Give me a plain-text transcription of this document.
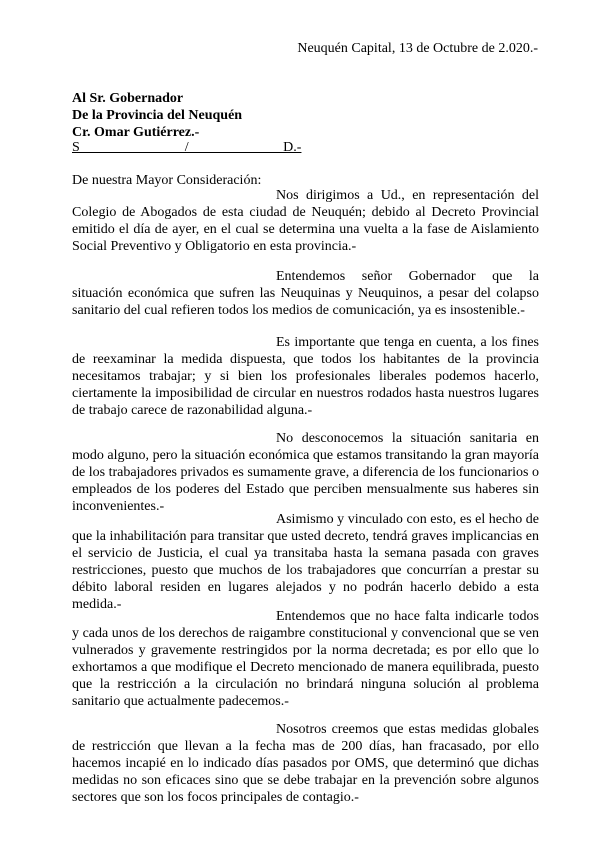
Neuquén Capital, 13 de Octubre de 2.020.-
Al Sr. Gobernador
De la Provincia del Neuquén
Cr. Omar Gutiérrez.-
S                              /                           D.-
De nuestra Mayor Consideración:

Nos dirigimos a Ud., en representación del Colegio de Abogados de esta ciudad de Neuquén; debido al Decreto Provincial emitido el día de ayer, en el cual se determina una vuelta a la fase de Aislamiento Social Preventivo y Obligatorio en esta provincia.-

Entendemos señor Gobernador que la situación económica que sufren las Neuquinas y Neuquinos, a pesar del colapso sanitario del cual refieren todos los medios de comunicación, ya es insostenible.-

Es importante que tenga en cuenta, a los fines de reexaminar la medida dispuesta, que todos los habitantes de la provincia necesitamos trabajar; y si bien los profesionales liberales podemos hacerlo, ciertamente la imposibilidad de circular en nuestros rodados hasta nuestros lugares de trabajo carece de razonabilidad alguna.-

No desconocemos la situación sanitaria en modo alguno, pero la situación económica que estamos transitando la gran mayoría de los trabajadores privados es sumamente grave, a diferencia de los funcionarios o empleados de los poderes del Estado que perciben mensualmente sus haberes sin inconvenientes.-

Asimismo y vinculado con esto, es el hecho de que la inhabilitación para transitar que usted decreto, tendrá graves implicancias en el servicio de Justicia, el cual ya transitaba hasta la semana pasada con graves restricciones, puesto que muchos de los trabajadores que concurrían a prestar su débito laboral residen en lugares alejados y no podrán hacerlo debido a esta medida.-

Entendemos que no hace falta indicarle todos y cada unos de los derechos de raigambre constitucional y convencional que se ven vulnerados y gravemente restringidos por la norma decretada; es por ello que lo exhortamos a que modifique el Decreto mencionado de manera equilibrada, puesto que la restricción a la circulación no brindará ninguna solución al problema sanitario que actualmente padecemos.-

Nosotros creemos que estas medidas globales de restricción que llevan a la fecha mas de 200 días, han fracasado, por ello hacemos incapié en lo indicado días pasados por OMS, que determinó que dichas medidas no son eficaces sino que se debe trabajar en la prevención sobre algunos sectores que son los focos principales de contagio.-
